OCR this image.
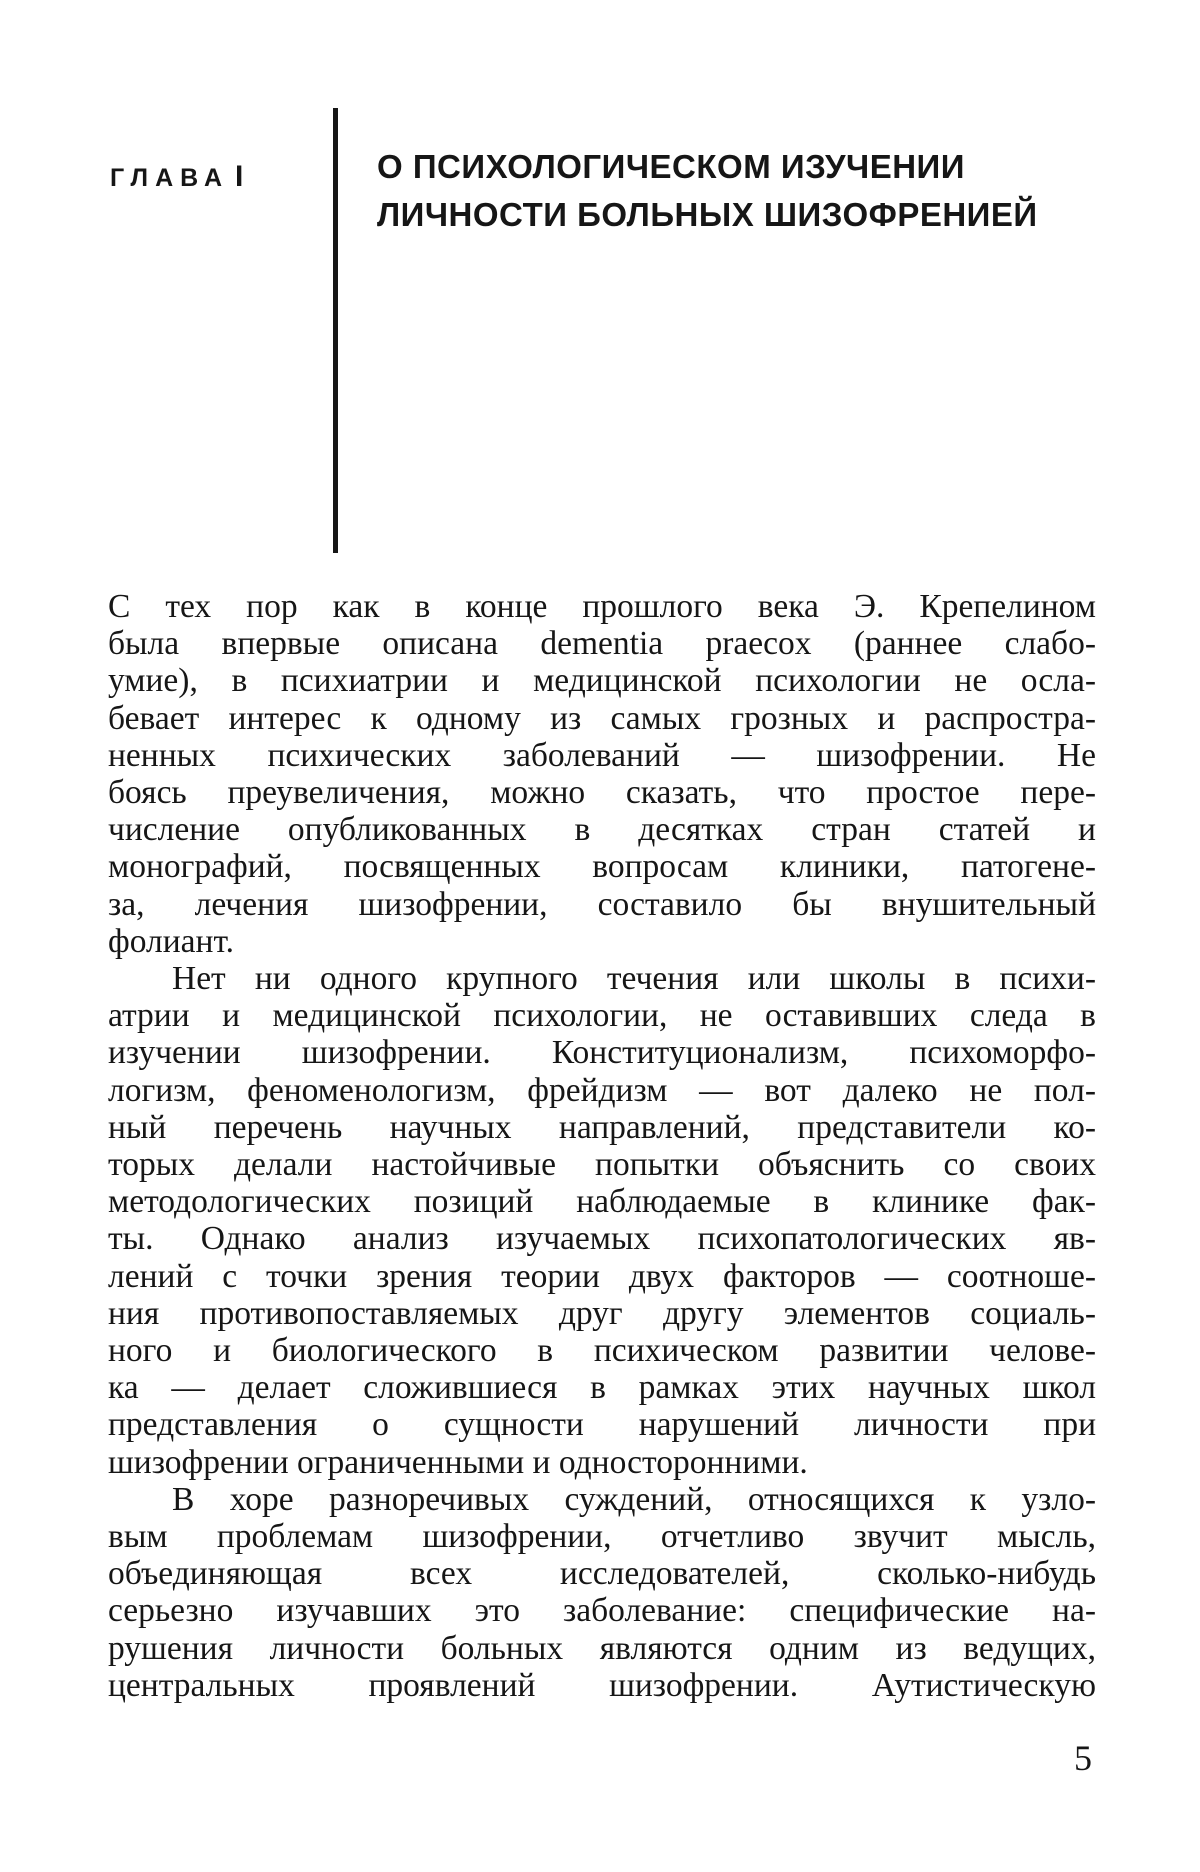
ГЛАВА I	О ПСИХОЛОГИЧЕСКОМ ИЗУЧЕНИИ
ЛИЧНОСТИ БОЛЬНЫХ ШИЗОФРЕНИЕЙ
С тех пор как в конце прошлого века Э. Крепелином
была впервые описана dementia praecox (раннее слабо-
умие), в психиатрии и медицинской психологии не осла-
бевает интерес к одному из самых грозных и распростра-
ненных психических заболеваний — шизофрении. Не
боясь преувеличения, можно сказать, что простое пере-
числение опубликованных в десятках стран статей и
монографий, посвященных вопросам клиники, патогене-
за, лечения шизофрении, составило бы внушительный
фолиант.
Нет ни одного крупного течения или школы в психи-
атрии и медицинской психологии, не оставивших следа в
изучении шизофрении. Конституционализм, психоморфо-
логизм, феноменологизм, фрейдизм — вот далеко не пол-
ный перечень научных направлений, представители ко-
торых делали настойчивые попытки объяснить со своих
методологических позиций наблюдаемые в клинике фак-
ты. Однако анализ изучаемых психопатологических яв-
лений с точки зрения теории двух факторов — соотноше-
ния противопоставляемых друг другу элементов социаль-
ного и биологического в психическом развитии челове-
ка — делает сложившиеся в рамках этих научных школ
представления о сущности нарушений личности при
шизофрении ограниченными и односторонними.
В хоре разноречивых суждений, относящихся к узло-
вым проблемам шизофрении, отчетливо звучит мысль,
объединяющая всех исследователей, сколько-нибудь
серьезно изучавших это заболевание: специфические на-
рушения личности больных являются одним из ведущих,
центральных проявлений шизофрении. Аутистическую
5
